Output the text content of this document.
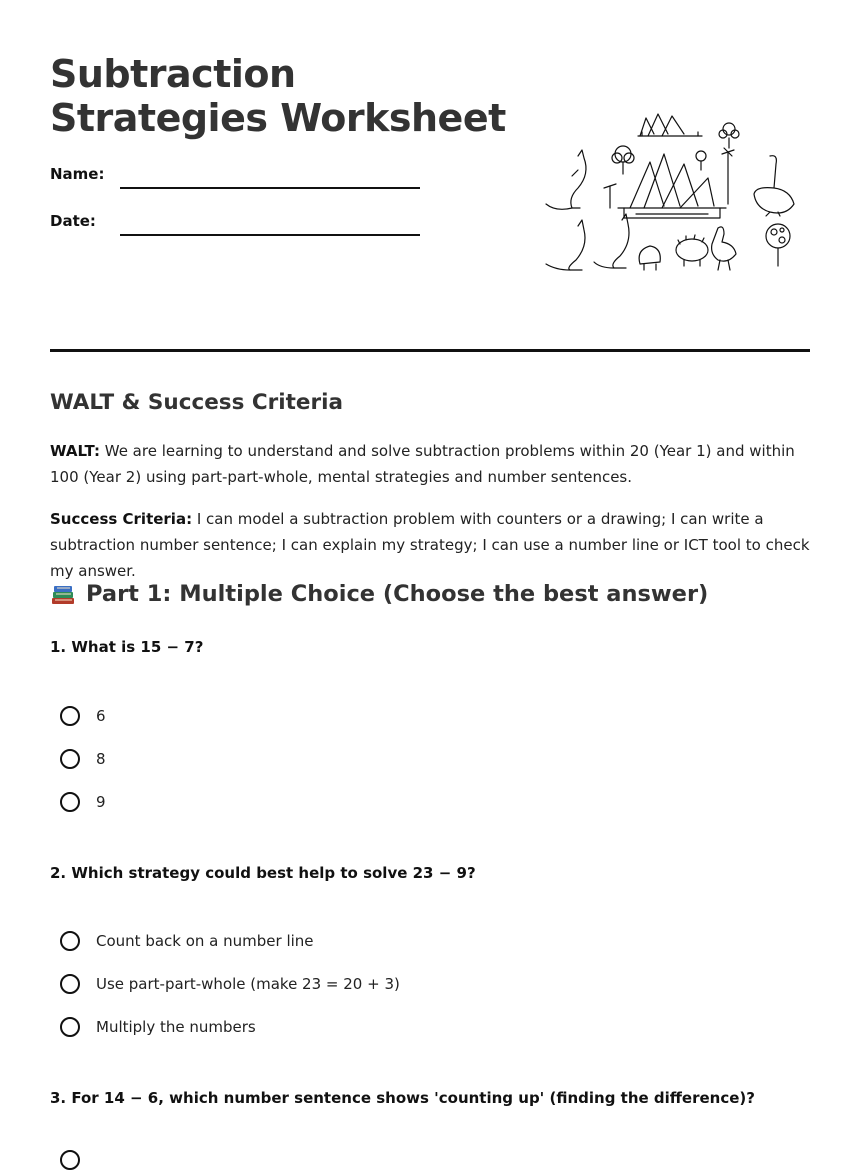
Subtraction Strategies Worksheet
Name:
Date:
WALT & Success Criteria

WALT: We are learning to understand and solve subtraction problems within 20 (Year 1) and within 100 (Year 2) using part-part-whole, mental strategies and number sentences.

Success Criteria: I can model a subtraction problem with counters or a drawing; I can write a subtraction number sentence; I can explain my strategy; I can use a number line or ICT tool to check my answer.

Part 1: Multiple Choice (Choose the best answer)

1. What is 15 − 7?

6
8
9

2. Which strategy could best help to solve 23 − 9?

Count back on a number line
Use part-part-whole (make 23 = 20 + 3)
Multiply the numbers

3. For 14 − 6, which number sentence shows 'counting up' (finding the difference)?
